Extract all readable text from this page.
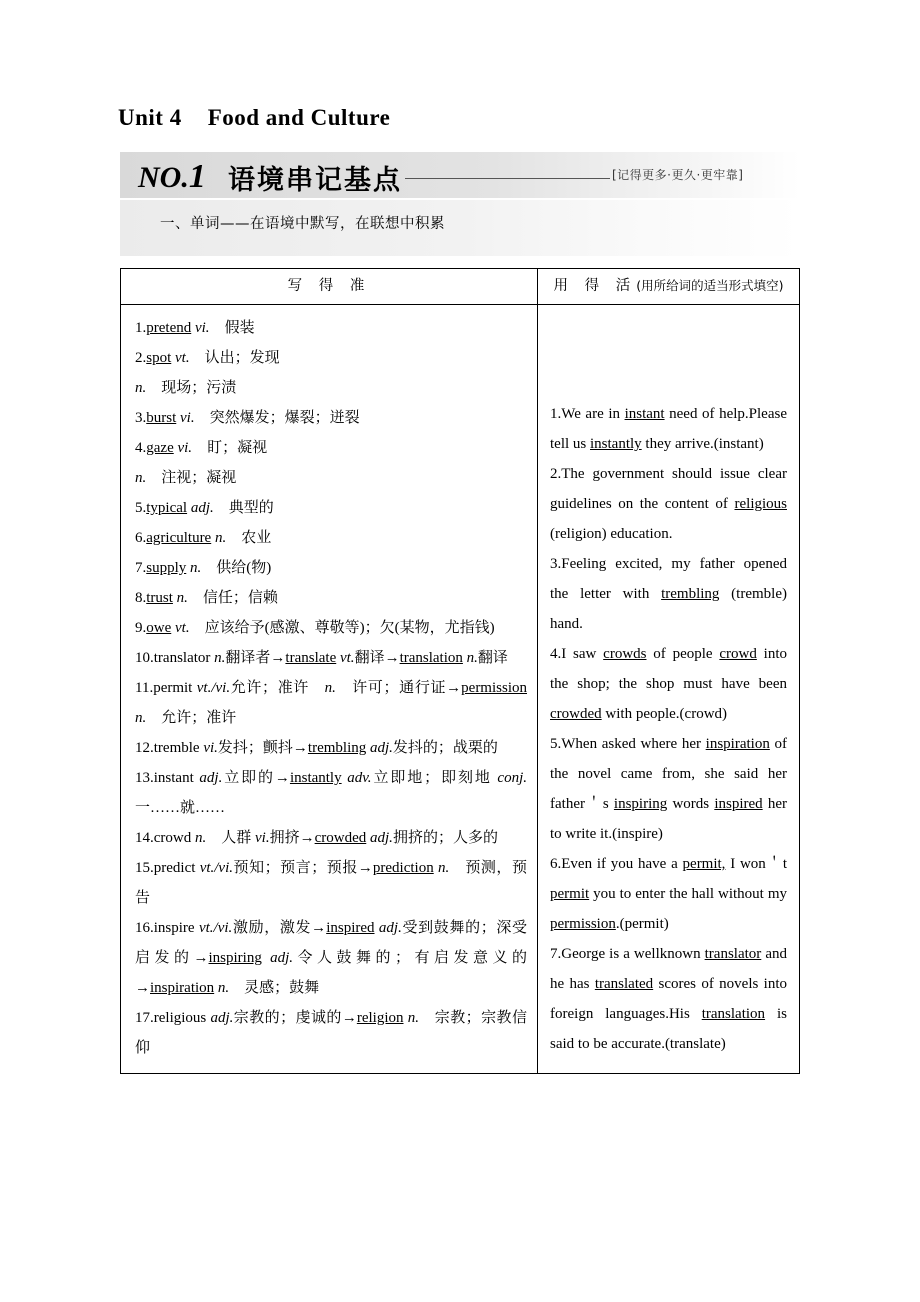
Unit 4 Food and Culture
NO.1 语境串记基点	[记得更多·更久·更牢靠]
一、单词——在语境中默写，在联想中积累
写 得 准	用 得 活(用所给词的适当形式填空)

1.pretend vi.　假装
2.spot vt.　认出；发现
n.　现场；污渍
3.burst vi.　突然爆发；爆裂；迸裂
4.gaze vi.　盯；凝视
n.　注视；凝视
5.typical adj.　典型的
6.agriculture n.　农业
7.supply n.　供给(物)
8.trust n.　信任；信赖
9.owe vt.　应该给予(感激、尊敬等)；欠(某物，尤指钱)
10.translator n.翻译者→translate vt.翻译→translation n.翻译
11.permit vt./vi.允许；准许　n.　许可；通行证→permission n.　允许；准许
12.tremble vi.发抖；颤抖→trembling adj.发抖的；战栗的
13.instant adj.立即的→instantly adv.立即地；即刻地 conj.一……就……
14.crowd n.　人群 vi.拥挤→crowded adj.拥挤的；人多的
15.predict vt./vi.预知；预言；预报→prediction n.　预测，预告
16.inspire vt./vi.激励，激发→inspired adj.受到鼓舞的；深受启发的→inspiring adj.令人鼓舞的；有启发意义的→inspiration n.　灵感；鼓舞
17.religious adj.宗教的；虔诚的→religion n.　宗教；宗教信仰

1.We are in instant need of help.Please tell us instantly they arrive.(instant)
2.The government should issue clear guidelines on the content of religious (religion) education.
3.Feeling excited, my father opened the letter with trembling (tremble) hand.
4.I saw crowds of people crowd into the shop; the shop must have been crowded with people.(crowd)
5.When asked where her inspiration of the novel came from, she said her father＇s inspiring words inspired her to write it.(inspire)
6.Even if you have a permit, I won＇t permit you to enter the hall without my permission.(permit)
7.George is a wellknown translator and he has translated scores of novels into foreign languages.His translation is said to be accurate.(translate)
